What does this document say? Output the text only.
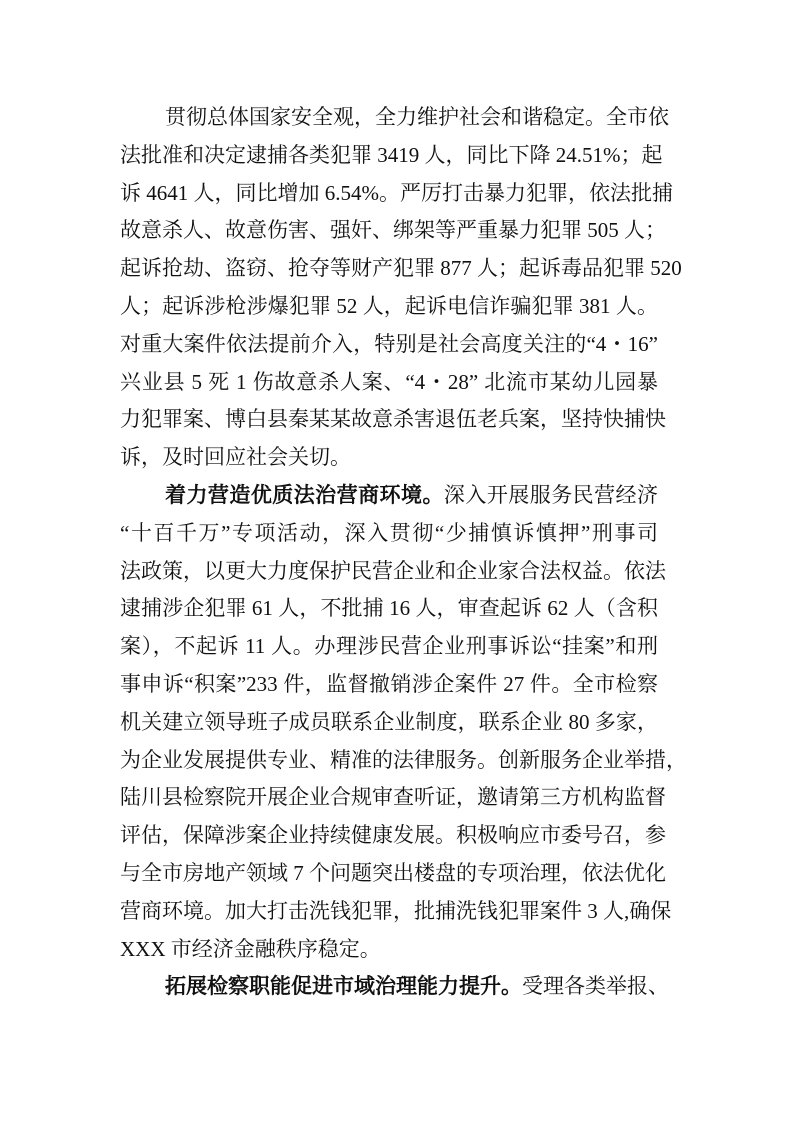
贯彻总体国家安全观，全力维护社会和谐稳定。全市依
法批准和决定逮捕各类犯罪 3419 人，同比下降 24.51%；起
诉 4641 人，同比增加 6.54%。严厉打击暴力犯罪，依法批捕
故意杀人、故意伤害、强奸、绑架等严重暴力犯罪 505 人；
起诉抢劫、盗窃、抢夺等财产犯罪 877 人；起诉毒品犯罪 520
人；起诉涉枪涉爆犯罪 52 人，起诉电信诈骗犯罪 381 人。
对重大案件依法提前介入，特别是社会高度关注的“4・16”
兴业县 5 死 1 伤故意杀人案、“4・28” 北流市某幼儿园暴
力犯罪案、博白县秦某某故意杀害退伍老兵案，坚持快捕快
诉，及时回应社会关切。
着力营造优质法治营商环境。深入开展服务民营经济
“十百千万”专项活动，深入贯彻“少捕慎诉慎押”刑事司
法政策，以更大力度保护民营企业和企业家合法权益。依法
逮捕涉企犯罪 61 人，不批捕 16 人，审查起诉 62 人（含积
案），不起诉 11 人。办理涉民营企业刑事诉讼“挂案”和刑
事申诉“积案”233 件，监督撤销涉企案件 27 件。全市检察
机关建立领导班子成员联系企业制度，联系企业 80 多家，
为企业发展提供专业、精准的法律服务。创新服务企业举措，
陆川县检察院开展企业合规审查听证，邀请第三方机构监督
评估，保障涉案企业持续健康发展。积极响应市委号召，参
与全市房地产领域 7 个问题突出楼盘的专项治理，依法优化
营商环境。加大打击洗钱犯罪，批捕洗钱犯罪案件 3 人,确保
XXX 市经济金融秩序稳定。
拓展检察职能促进市域治理能力提升。受理各类举报、
